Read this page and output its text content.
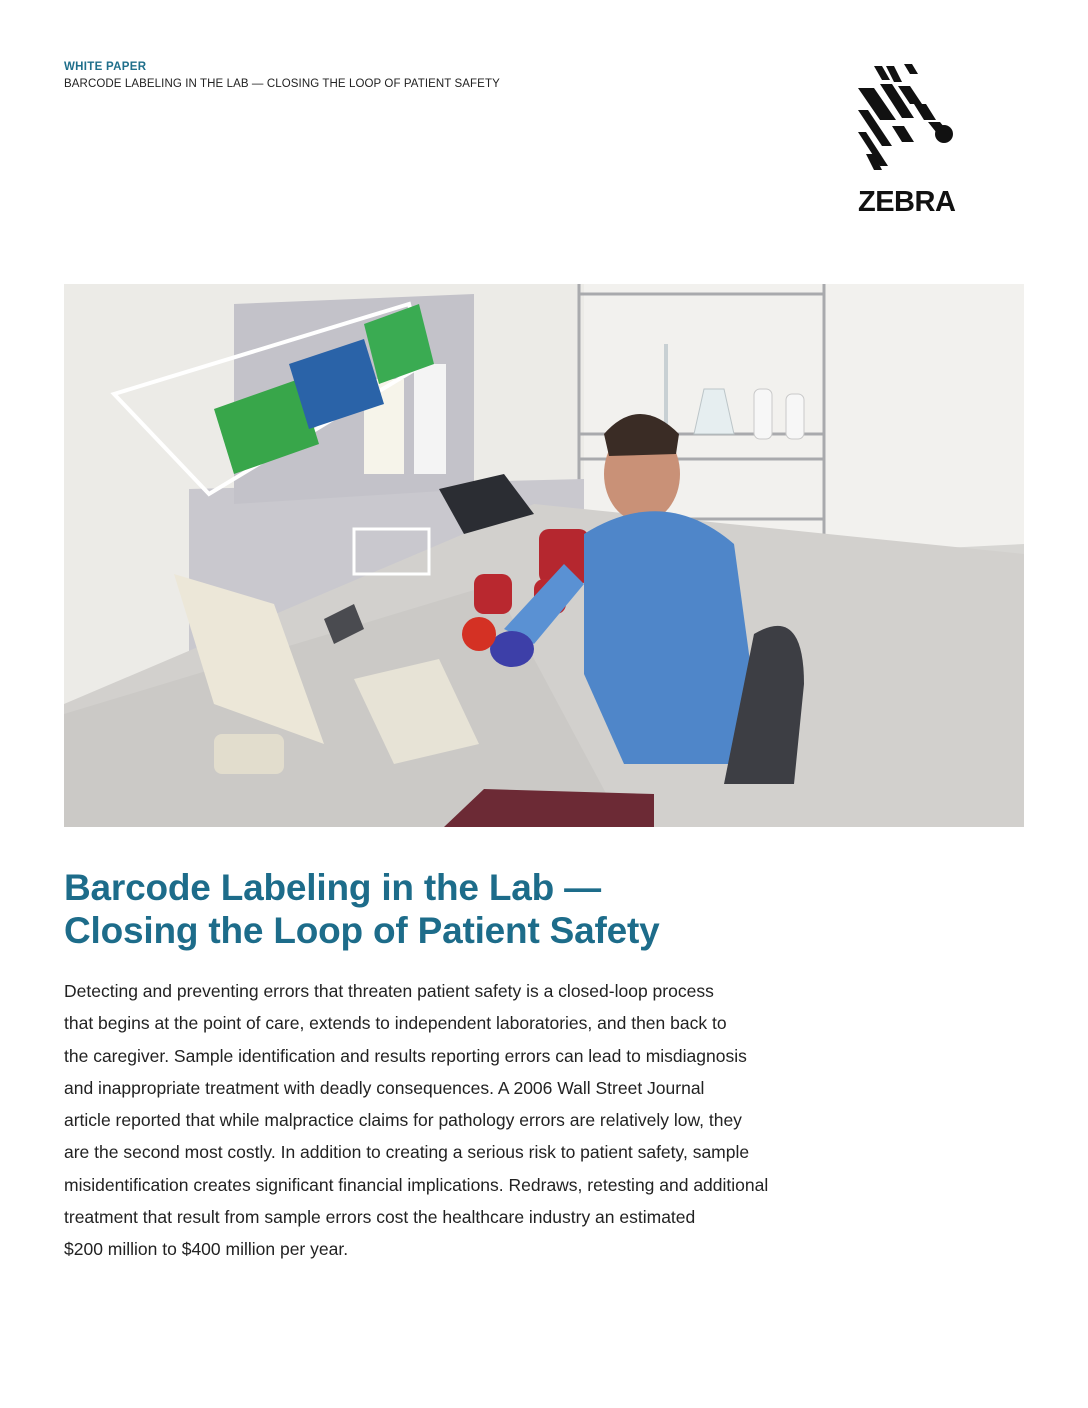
WHITE PAPER
BARCODE LABELING IN THE LAB — CLOSING THE LOOP OF PATIENT SAFETY
ZEBRA
Barcode Labeling in the Lab —
Closing the Loop of Patient Safety

Detecting and preventing errors that threaten patient safety is a closed-loop process
that begins at the point of care, extends to independent laboratories, and then back to
the caregiver. Sample identification and results reporting errors can lead to misdiagnosis
and inappropriate treatment with deadly consequences. A 2006 Wall Street Journal
article reported that while malpractice claims for pathology errors are relatively low, they
are the second most costly. In addition to creating a serious risk to patient safety, sample
misidentification creates significant financial implications. Redraws, retesting and additional
treatment that result from sample errors cost the healthcare industry an estimated
$200 million to $400 million per year.
